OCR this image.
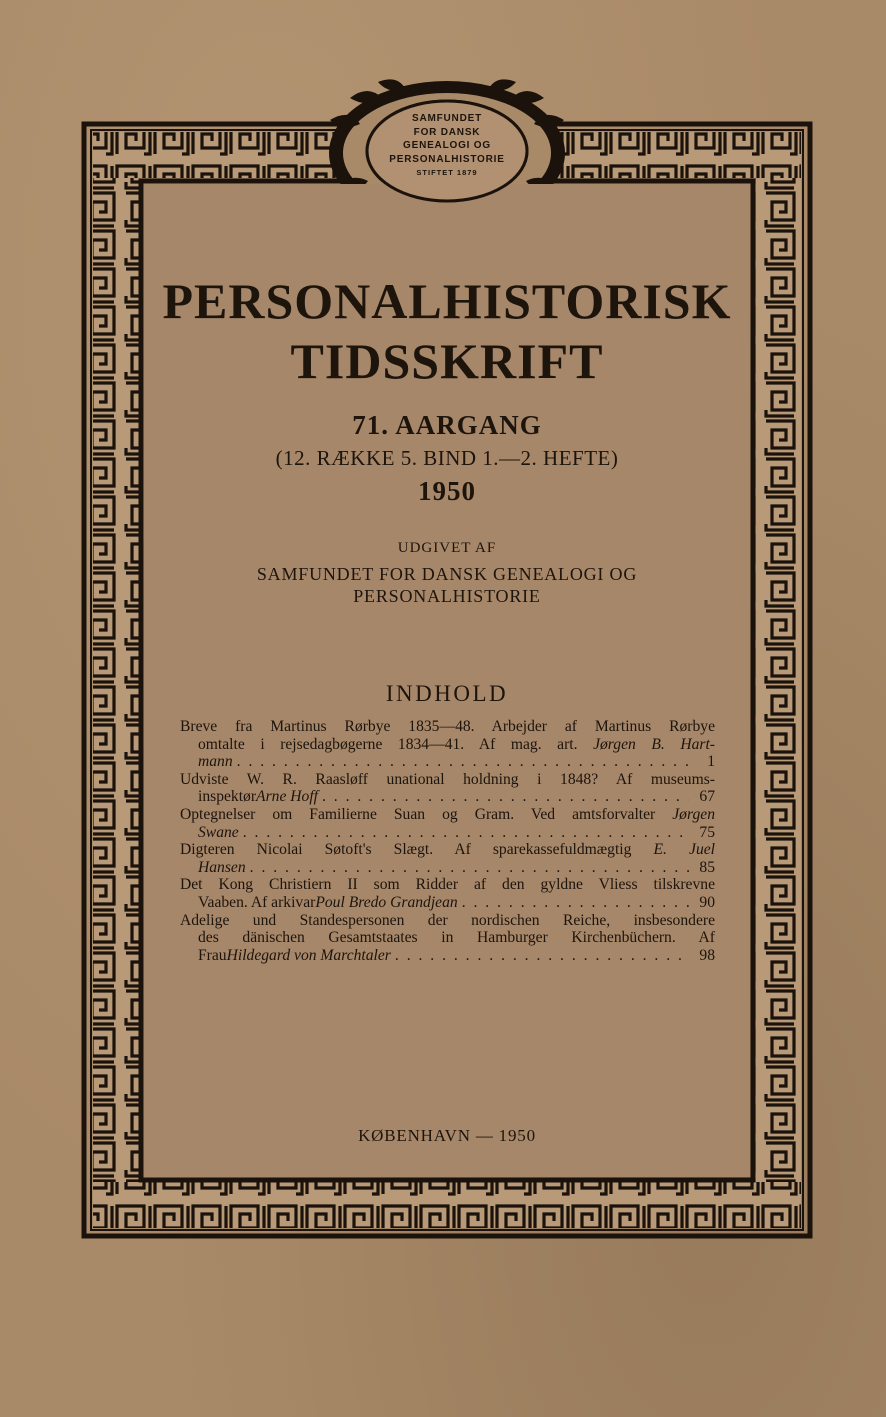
SAMFUNDET
FOR DANSK
GENEALOGI OG
PERSONALHISTORIE
STIFTET 1879
PERSONALHISTORISK
TIDSSKRIFT
71. AARGANG
(12. RÆKKE 5. BIND 1.—2. HEFTE)
1950
UDGIVET AF
SAMFUNDET FOR DANSK GENEALOGI OG
PERSONALHISTORIE
INDHOLD
Breve fra Martinus Rørbye 1835—48. Arbejder af Martinus Rørbye
omtalte i rejsedagbøgerne 1834—41. Af mag. art. Jørgen B. Hart-
mann . . .	1
Udviste W. R. Raasløff unational holdning i 1848? Af museums-
inspektør Arne Hoff . . .	67
Optegnelser om Familierne Suan og Gram. Ved amtsforvalter Jørgen
Swane . . .	75
Digteren Nicolai Søtoft's Slægt. Af sparekassefuldmægtig E. Juel
Hansen . . .	85
Det Kong Christiern II som Ridder af den gyldne Vliess tilskrevne
Vaaben. Af arkivar Poul Bredo Grandjean . . .	90
Adelige und Standespersonen der nordischen Reiche, insbesondere
des dänischen Gesamtstaates in Hamburger Kirchenbüchern. Af
Frau Hildegard von Marchtaler . . .	98
KØBENHAVN — 1950
